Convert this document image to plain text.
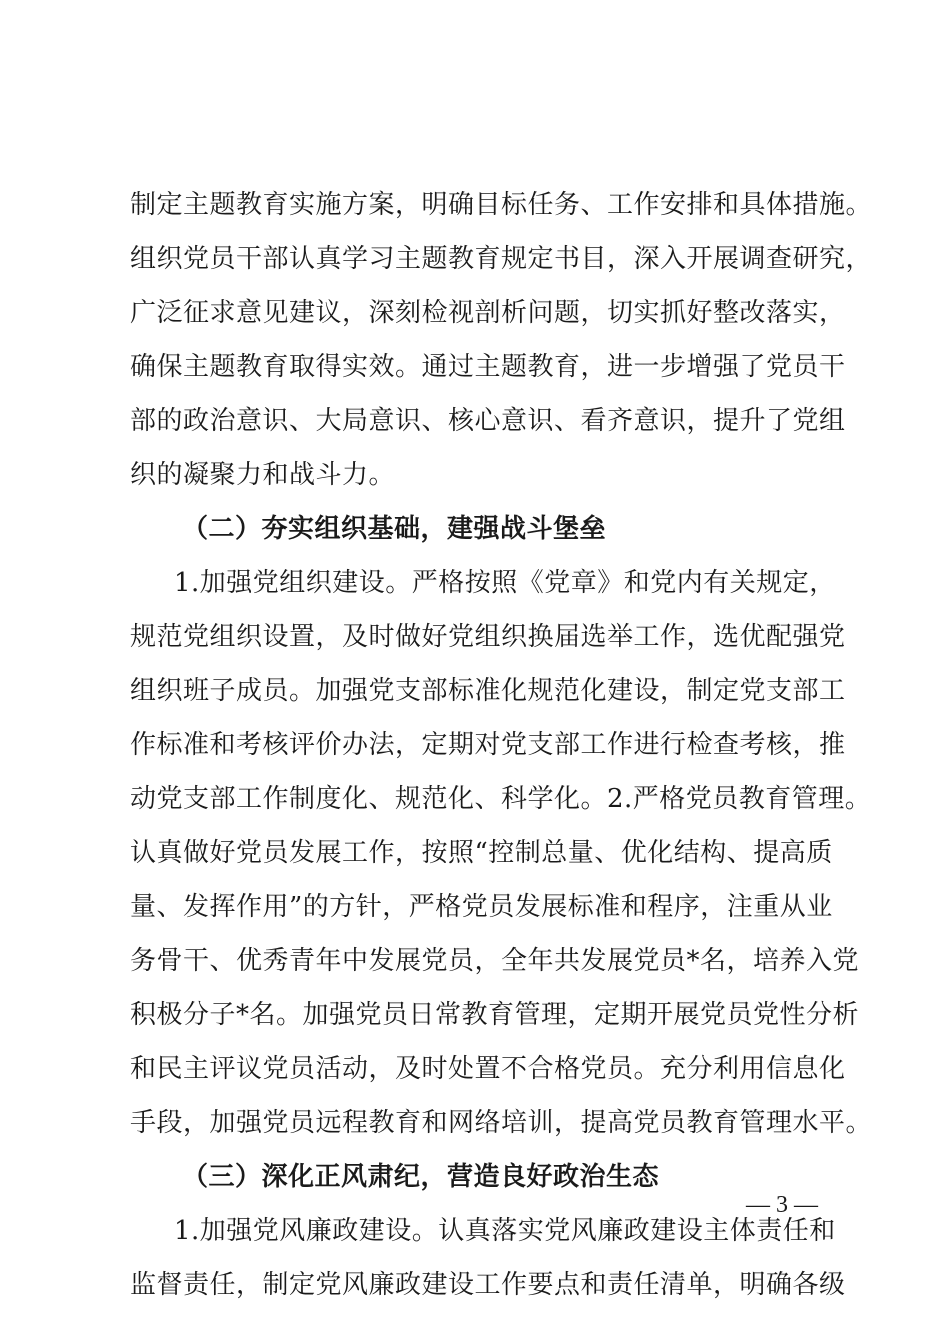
制定主题教育实施方案，明确目标任务、工作安排和具体措施。
组织党员干部认真学习主题教育规定书目，深入开展调查研究，
广泛征求意见建议，深刻检视剖析问题，切实抓好整改落实，
确保主题教育取得实效。通过主题教育，进一步增强了党员干
部的政治意识、大局意识、核心意识、看齐意识，提升了党组
织的凝聚力和战斗力。
（二）夯实组织基础，建强战斗堡垒
1.加强党组织建设。严格按照《党章》和党内有关规定，
规范党组织设置，及时做好党组织换届选举工作，选优配强党
组织班子成员。加强党支部标准化规范化建设，制定党支部工
作标准和考核评价办法，定期对党支部工作进行检查考核，推
动党支部工作制度化、规范化、科学化。2.严格党员教育管理。
认真做好党员发展工作，按照“控制总量、优化结构、提高质
量、发挥作用”的方针，严格党员发展标准和程序，注重从业
务骨干、优秀青年中发展党员，全年共发展党员*名，培养入党
积极分子*名。加强党员日常教育管理，定期开展党员党性分析
和民主评议党员活动，及时处置不合格党员。充分利用信息化
手段，加强党员远程教育和网络培训，提高党员教育管理水平。
（三）深化正风肃纪，营造良好政治生态
1.加强党风廉政建设。认真落实党风廉政建设主体责任和
监督责任，制定党风廉政建设工作要点和责任清单，明确各级
— 3 —
